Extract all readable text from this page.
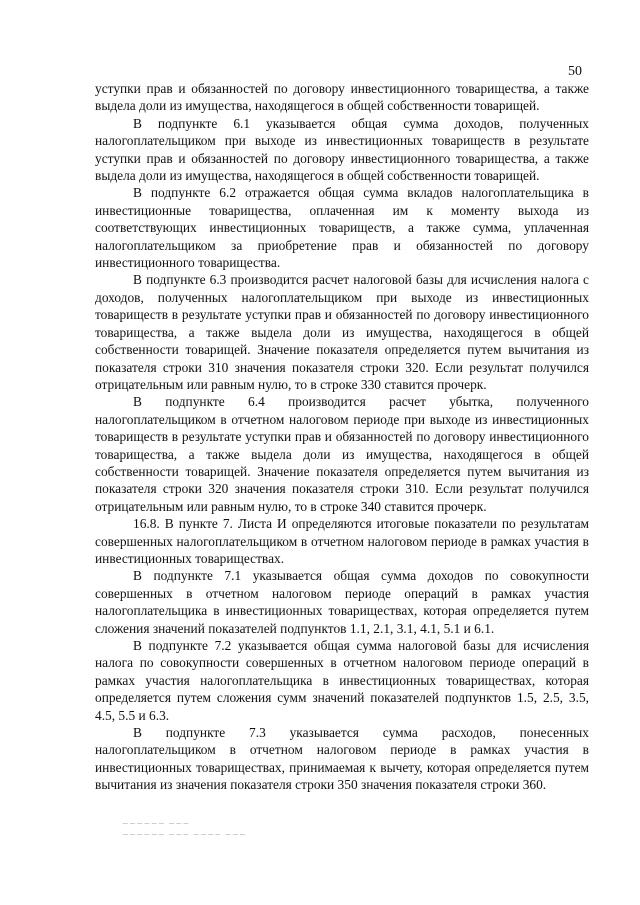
50

уступки прав и обязанностей по договору инвестиционного товарищества, а также выдела доли из имущества, находящегося в общей собственности товарищей.

В подпункте 6.1 указывается общая сумма доходов, полученных налогоплательщиком при выходе из инвестиционных товариществ в результате уступки прав и обязанностей по договору инвестиционного товарищества, а также выдела доли из имущества, находящегося в общей собственности товарищей.

В подпункте 6.2 отражается общая сумма вкладов налогоплательщика в инвестиционные товарищества, оплаченная им к моменту выхода из соответствующих инвестиционных товариществ, а также сумма, уплаченная налогоплательщиком за приобретение прав и обязанностей по договору инвестиционного товарищества.

В подпункте 6.3 производится расчет налоговой базы для исчисления налога с доходов, полученных налогоплательщиком при выходе из инвестиционных товариществ в результате уступки прав и обязанностей по договору инвестиционного товарищества, а также выдела доли из имущества, находящегося в общей собственности товарищей. Значение показателя определяется путем вычитания из показателя строки 310 значения показателя строки 320. Если результат получился отрицательным или равным нулю, то в строке 330 ставится прочерк.

В подпункте 6.4 производится расчет убытка, полученного налогоплательщиком в отчетном налоговом периоде при выходе из инвестиционных товариществ в результате уступки прав и обязанностей по договору инвестиционного товарищества, а также выдела доли из имущества, находящегося в общей собственности товарищей. Значение показателя определяется путем вычитания из показателя строки 320 значения показателя строки 310. Если результат получился отрицательным или равным нулю, то в строке 340 ставится прочерк.

16.8. В пункте 7. Листа И определяются итоговые показатели по результатам совершенных налогоплательщиком в отчетном налоговом периоде в рамках участия в инвестиционных товариществах.

В подпункте 7.1 указывается общая сумма доходов по совокупности совершенных в отчетном налоговом периоде операций в рамках участия налогоплательщика в инвестиционных товариществах, которая определяется путем сложения значений показателей подпунктов 1.1, 2.1, 3.1, 4.1, 5.1 и 6.1.

В подпункте 7.2 указывается общая сумма налоговой базы для исчисления налога по совокупности совершенных в отчетном налоговом периоде операций в рамках участия налогоплательщика в инвестиционных товариществах, которая определяется путем сложения сумм значений показателей подпунктов 1.5, 2.5, 3.5, 4.5, 5.5 и 6.3.

В подпункте 7.3 указывается сумма расходов, понесенных налогоплательщиком в отчетном налоговом периоде в рамках участия в инвестиционных товариществах, принимаемая к вычету, которая определяется путем вычитания из значения показателя строки 350 значения показателя строки 360.

~~~~~~ ~~~
~~~~~~ ~~~ ~~~~ ~~~
